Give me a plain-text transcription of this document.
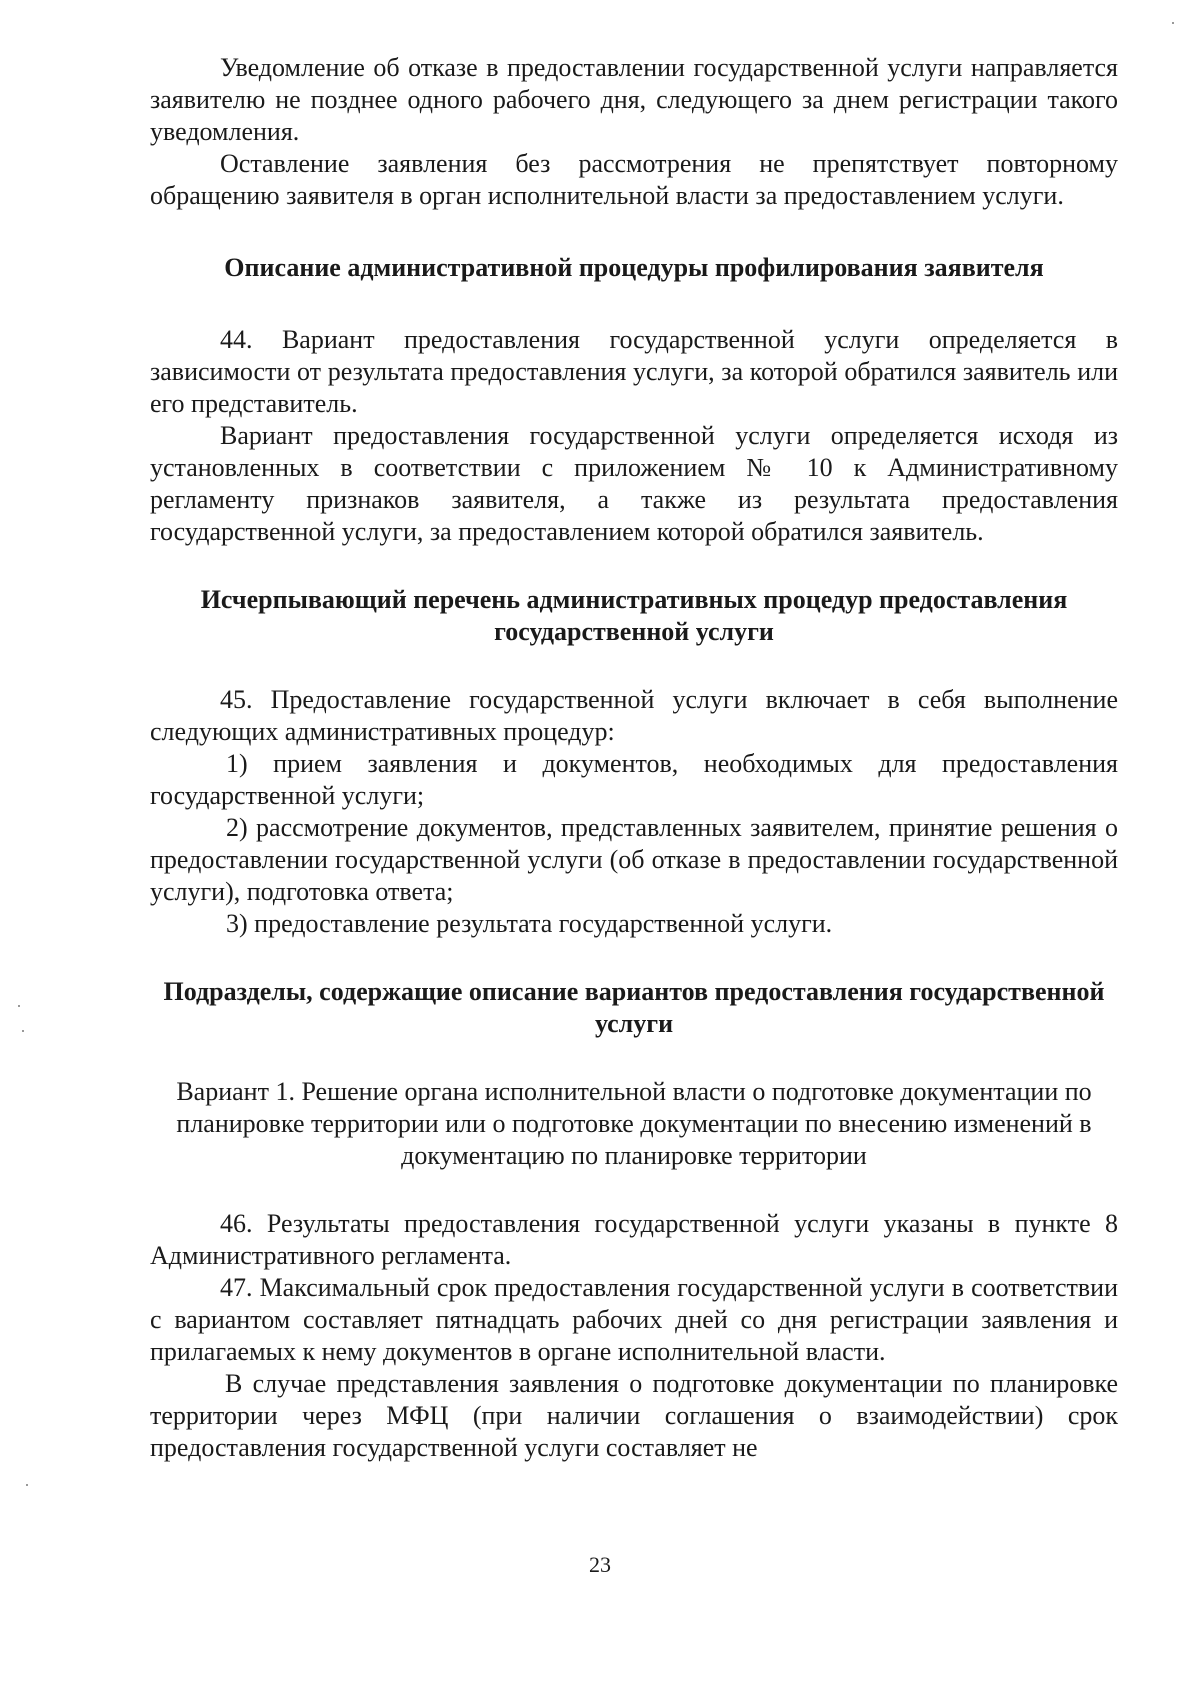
Уведомление об отказе в предоставлении государственной услуги направляется заявителю не позднее одного рабочего дня, следующего за днем регистрации такого уведомления.

Оставление заявления без рассмотрения не препятствует повторному обращению заявителя в орган исполнительной власти за предоставлением услуги.

Описание административной процедуры профилирования заявителя

44. Вариант предоставления государственной услуги определяется в зависимости от результата предоставления услуги, за которой обратился заявитель или его представитель.

Вариант предоставления государственной услуги определяется исходя из установленных в соответствии с приложением № 10 к Административному регламенту признаков заявителя, а также из результата предоставления государственной услуги, за предоставлением которой обратился заявитель.

Исчерпывающий перечень административных процедур предоставления государственной услуги

45. Предоставление государственной услуги включает в себя выполнение следующих административных процедур:

1) прием заявления и документов, необходимых для предоставления государственной услуги;

2) рассмотрение документов, представленных заявителем, принятие решения о предоставлении государственной услуги (об отказе в предоставлении государственной услуги), подготовка ответа;

3) предоставление результата государственной услуги.

Подразделы, содержащие описание вариантов предоставления государственной услуги

Вариант 1. Решение органа исполнительной власти о подготовке документации по планировке территории или о подготовке документации по внесению изменений в документацию по планировке территории

46. Результаты предоставления государственной услуги указаны в пункте 8 Административного регламента.

47. Максимальный срок предоставления государственной услуги в соответствии с вариантом составляет пятнадцать рабочих дней со дня регистрации заявления и прилагаемых к нему документов в органе исполнительной власти.

В случае представления заявления о подготовке документации по планировке территории через МФЦ (при наличии соглашения о взаимодействии) срок предоставления государственной услуги составляет не

23
